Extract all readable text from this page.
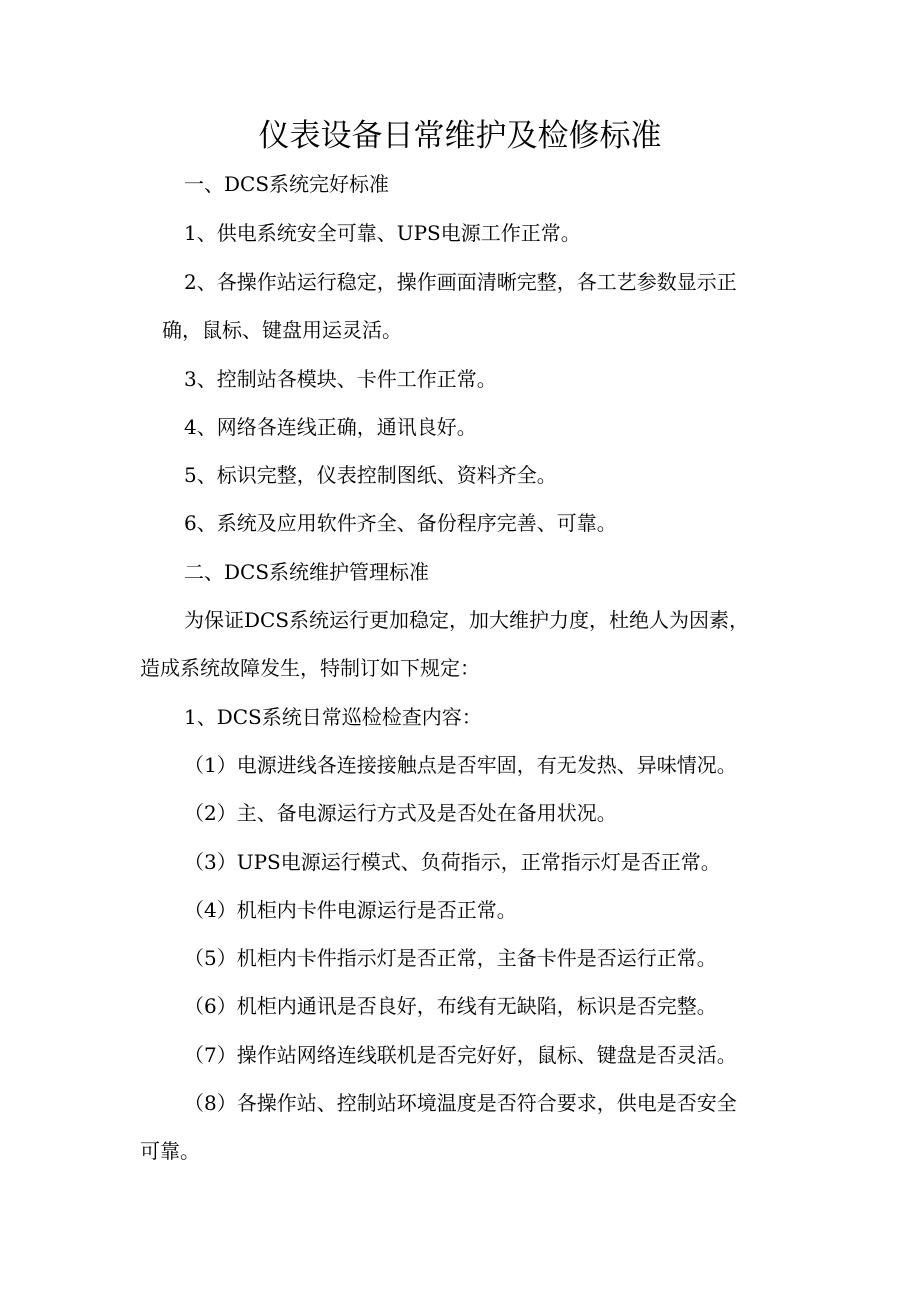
仪表设备日常维护及检修标准

一、DCS系统完好标准

1、供电系统安全可靠、UPS电源工作正常。

2、各操作站运行稳定，操作画面清晰完整，各工艺参数显示正

确，鼠标、键盘用运灵活。

3、控制站各模块、卡件工作正常。

4、网络各连线正确，通讯良好。

5、标识完整，仪表控制图纸、资料齐全。

6、系统及应用软件齐全、备份程序完善、可靠。

二、DCS系统维护管理标准

为保证DCS系统运行更加稳定，加大维护力度，杜绝人为因素，

造成系统故障发生，特制订如下规定：

1、DCS系统日常巡检检查内容：

（1）电源进线各连接接触点是否牢固，有无发热、异味情况。

（2）主、备电源运行方式及是否处在备用状况。

（3）UPS电源运行模式、负荷指示，正常指示灯是否正常。

（4）机柜内卡件电源运行是否正常。

（5）机柜内卡件指示灯是否正常，主备卡件是否运行正常。

（6）机柜内通讯是否良好，布线有无缺陷，标识是否完整。

（7）操作站网络连线联机是否完好好，鼠标、键盘是否灵活。

（8）各操作站、控制站环境温度是否符合要求，供电是否安全

可靠。
